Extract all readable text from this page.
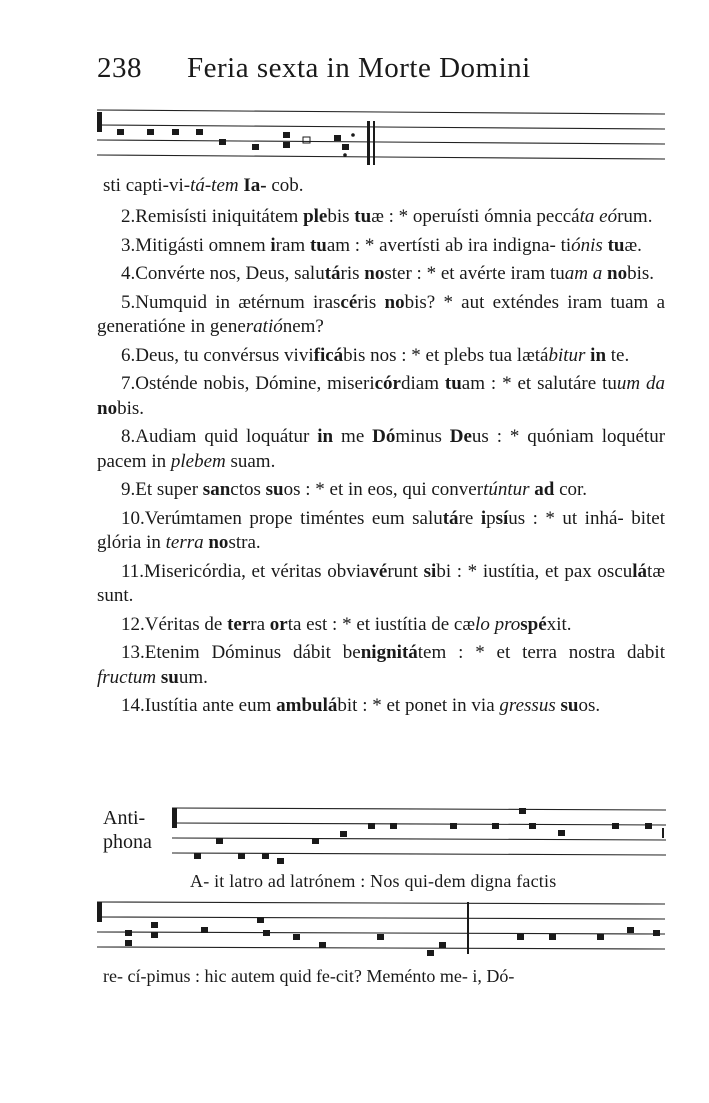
238 Feria sexta in Morte Domini
sti capti-vi-tá-tem Ia- cob.
2.Remisísti iniquitátem plebis tuæ : * operuísti ómnia peccáta eórum.
3.Mitigásti omnem iram tuam : * avertísti ab ira indigna- tiónis tuæ.
4.Convérte nos, Deus, salutáris noster : * et avérte iram tuam a nobis.
5.Numquid in ætérnum irascéris nobis? * aut exténdes iram tuam a generatióne in generatiónem?
6.Deus, tu convérsus vivificábis nos : * et plebs tua lætábitur in te.
7.Osténde nobis, Dómine, misericórdiam tuam : * et salutáre tuum da nobis.
8.Audiam quid loquátur in me Dóminus Deus : * quóniam loquétur pacem in plebem suam.
9.Et super sanctos suos : * et in eos, qui convertúntur ad cor.
10.Verúmtamen prope timéntes eum salutáre ipsíus : * ut inhá- bitet glória in terra nostra.
11.Misericórdia, et véritas obviavérunt sibi : * iustítia, et pax osculátæ sunt.
12.Véritas de terra orta est : * et iustítia de cælo prospéxit.
13.Etenim Dóminus dábit benignitátem : * et terra nostra dabit fructum suum.
14.Iustítia ante eum ambulábit : * et ponet in via gressus suos.
Anti-
phona
A- it latro ad latrónem : Nos qui-dem digna factis
re- cí-pimus : hic autem quid fe-cit? Meménto me- i, Dó-
